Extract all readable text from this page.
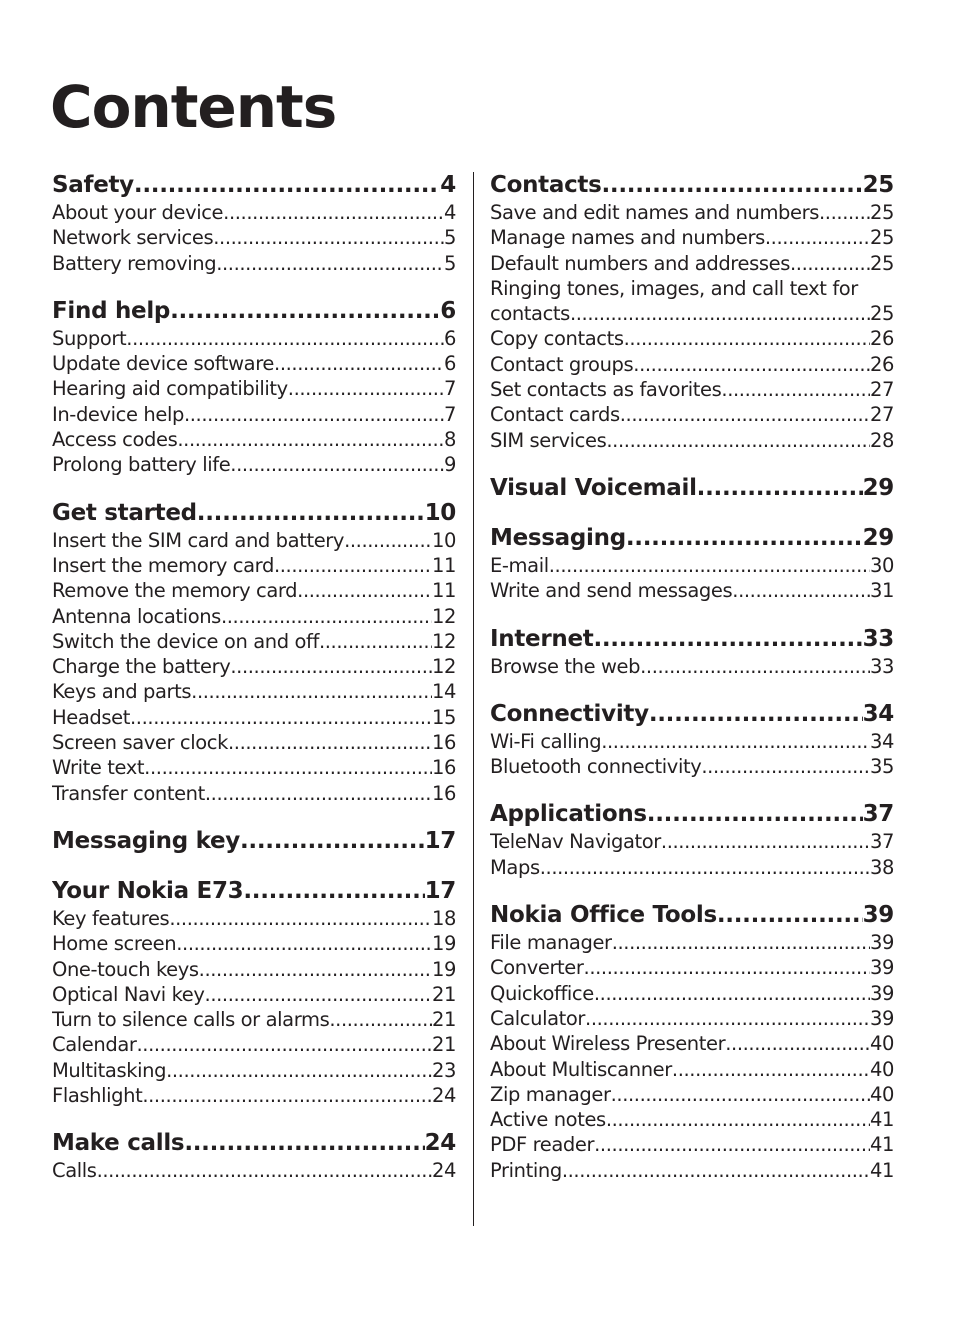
Contents
Safety .....	4
About your device .....	4
Network services .....	5
Battery removing .....	5
Find help .....	6
Support .....	6
Update device software .....	6
Hearing aid compatibility .....	7
In-device help .....	7
Access codes .....	8
Prolong battery life .....	9
Get started .....	10
Insert the SIM card and battery .....	10
Insert the memory card .....	11
Remove the memory card .....	11
Antenna locations .....	12
Switch the device on and off .....	12
Charge the battery .....	12
Keys and parts .....	14
Headset .....	15
Screen saver clock .....	16
Write text .....	16
Transfer content .....	16
Messaging key .....	17
Your Nokia E73 .....	17
Key features .....	18
Home screen .....	19
One-touch keys .....	19
Optical Navi key .....	21
Turn to silence calls or alarms .....	21
Calendar .....	21
Multitasking .....	23
Flashlight .....	24
Make calls .....	24
Calls .....	24
Contacts .....	25
Save and edit names and numbers .....	25
Manage names and numbers .....	25
Default numbers and addresses .....	25
Ringing tones, images, and call text for
contacts .....	25
Copy contacts .....	26
Contact groups .....	26
Set contacts as favorites .....	27
Contact cards .....	27
SIM services .....	28
Visual Voicemail .....	29
Messaging .....	29
E-mail .....	30
Write and send messages .....	31
Internet .....	33
Browse the web .....	33
Connectivity .....	34
Wi-Fi calling .....	34
Bluetooth connectivity .....	35
Applications .....	37
TeleNav Navigator .....	37
Maps .....	38
Nokia Office Tools .....	39
File manager .....	39
Converter .....	39
Quickoffice .....	39
Calculator .....	39
About Wireless Presenter .....	40
About Multiscanner .....	40
Zip manager .....	40
Active notes .....	41
PDF reader .....	41
Printing .....	41
